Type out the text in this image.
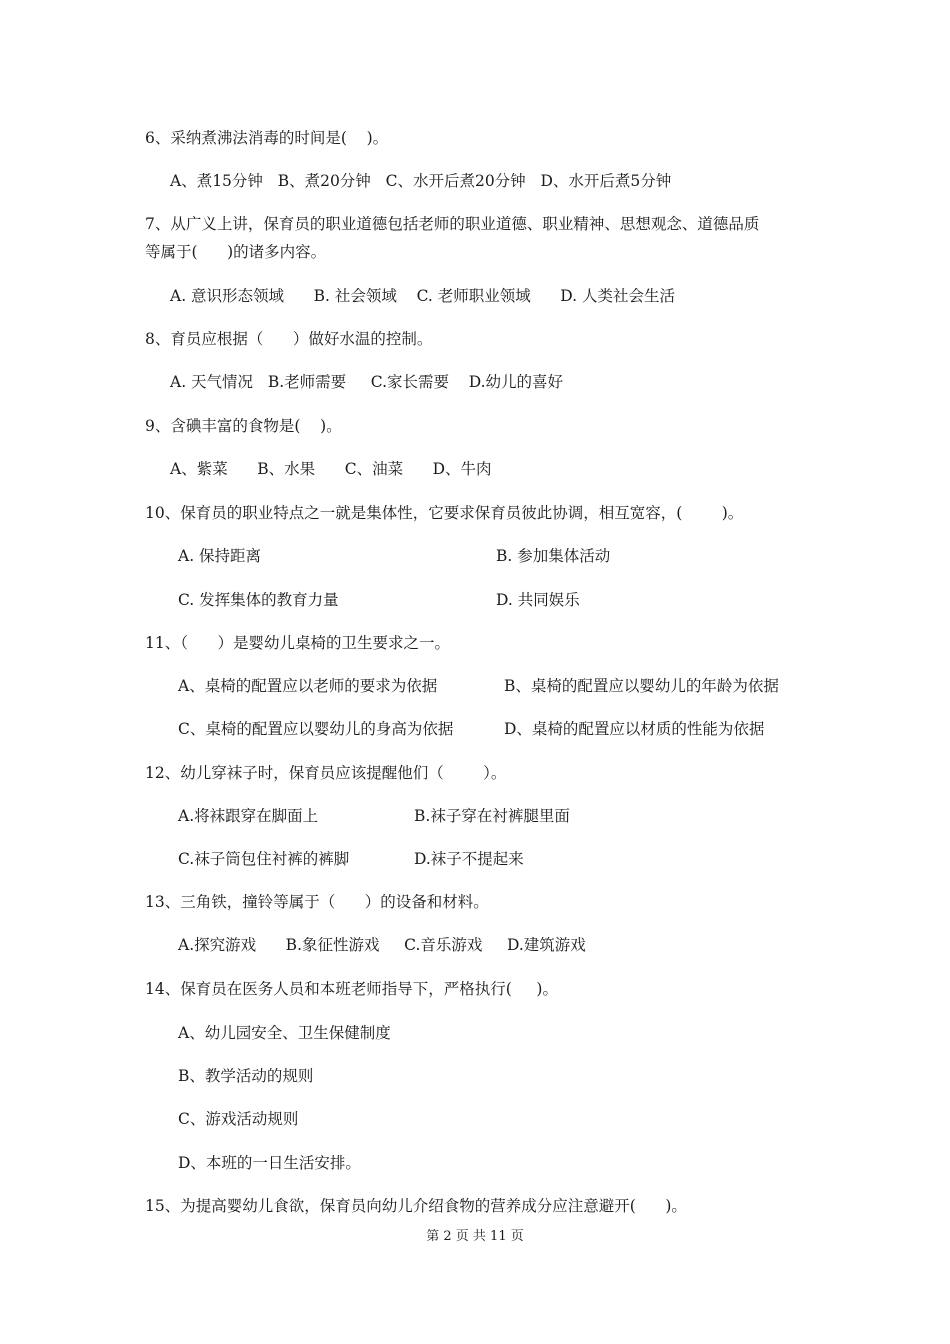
6、采纳煮沸法消毒的时间是(    )。
A、煮15分钟   B、煮20分钟   C、水开后煮20分钟   D、水开后煮5分钟
7、从广义上讲，保育员的职业道德包括老师的职业道德、职业精神、思想观念、道德品质
等属于(      )的诸多内容。
A. 意识形态领域      B. 社会领域    C. 老师职业领域      D. 人类社会生活
8、育员应根据（      ）做好水温的控制。
A. 天气情况   B.老师需要     C.家长需要    D.幼儿的喜好
9、含碘丰富的食物是(    )。
A、紫菜      B、水果      C、油菜      D、牛肉
10、保育员的职业特点之一就是集体性，它要求保育员彼此协调，相互宽容，(        )。
A. 保持距离	B. 参加集体活动
C. 发挥集体的教育力量	D. 共同娱乐
11、（      ）是婴幼儿桌椅的卫生要求之一。
A、桌椅的配置应以老师的要求为依据	B、桌椅的配置应以婴幼儿的年龄为依据
C、桌椅的配置应以婴幼儿的身高为依据	D、桌椅的配置应以材质的性能为依据
12、幼儿穿袜子时，保育员应该提醒他们（        ）。
A.将袜跟穿在脚面上	B.袜子穿在衬裤腿里面
C.袜子筒包住衬裤的裤脚	D.袜子不提起来
13、三角铁，撞铃等属于（      ）的设备和材料。
A.探究游戏      B.象征性游戏     C.音乐游戏     D.建筑游戏
14、保育员在医务人员和本班老师指导下，严格执行(     )。
A、幼儿园安全、卫生保健制度
B、教学活动的规则
C、游戏活动规则
D、本班的一日生活安排。
15、为提高婴幼儿食欲，保育员向幼儿介绍食物的营养成分应注意避开(      )。
第 2 页 共 11 页
